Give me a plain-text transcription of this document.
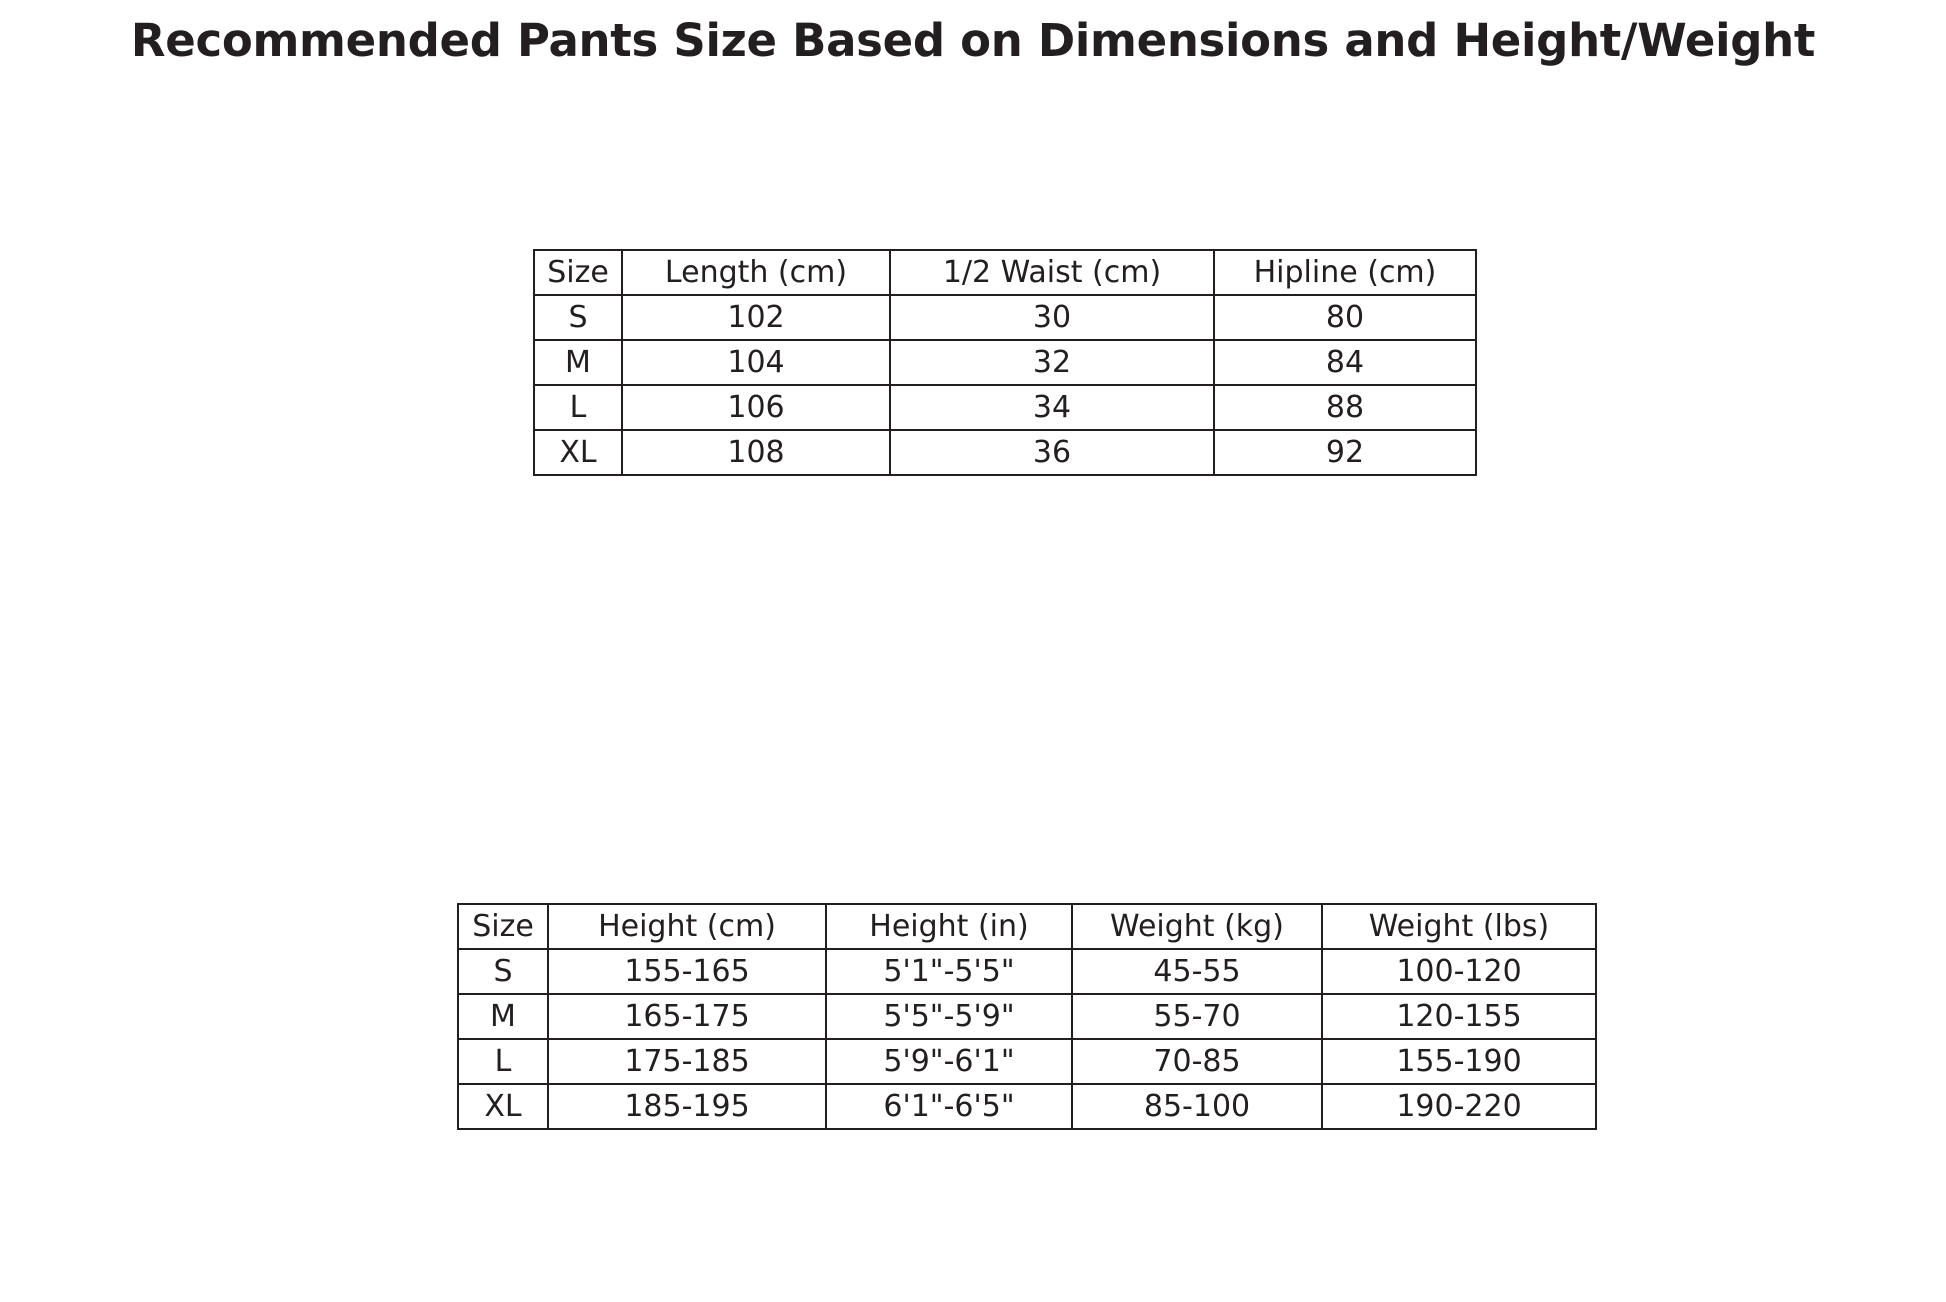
Recommended Pants Size Based on Dimensions and Height/Weight
Size	Length (cm)	1/2 Waist (cm)	Hipline (cm)
S	102	30	80
M	104	32	84
L	106	34	88
XL	108	36	92
Size	Height (cm)	Height (in)	Weight (kg)	Weight (lbs)
S	155-165	5'1"-5'5"	45-55	100-120
M	165-175	5'5"-5'9"	55-70	120-155
L	175-185	5'9"-6'1"	70-85	155-190
XL	185-195	6'1"-6'5"	85-100	190-220
